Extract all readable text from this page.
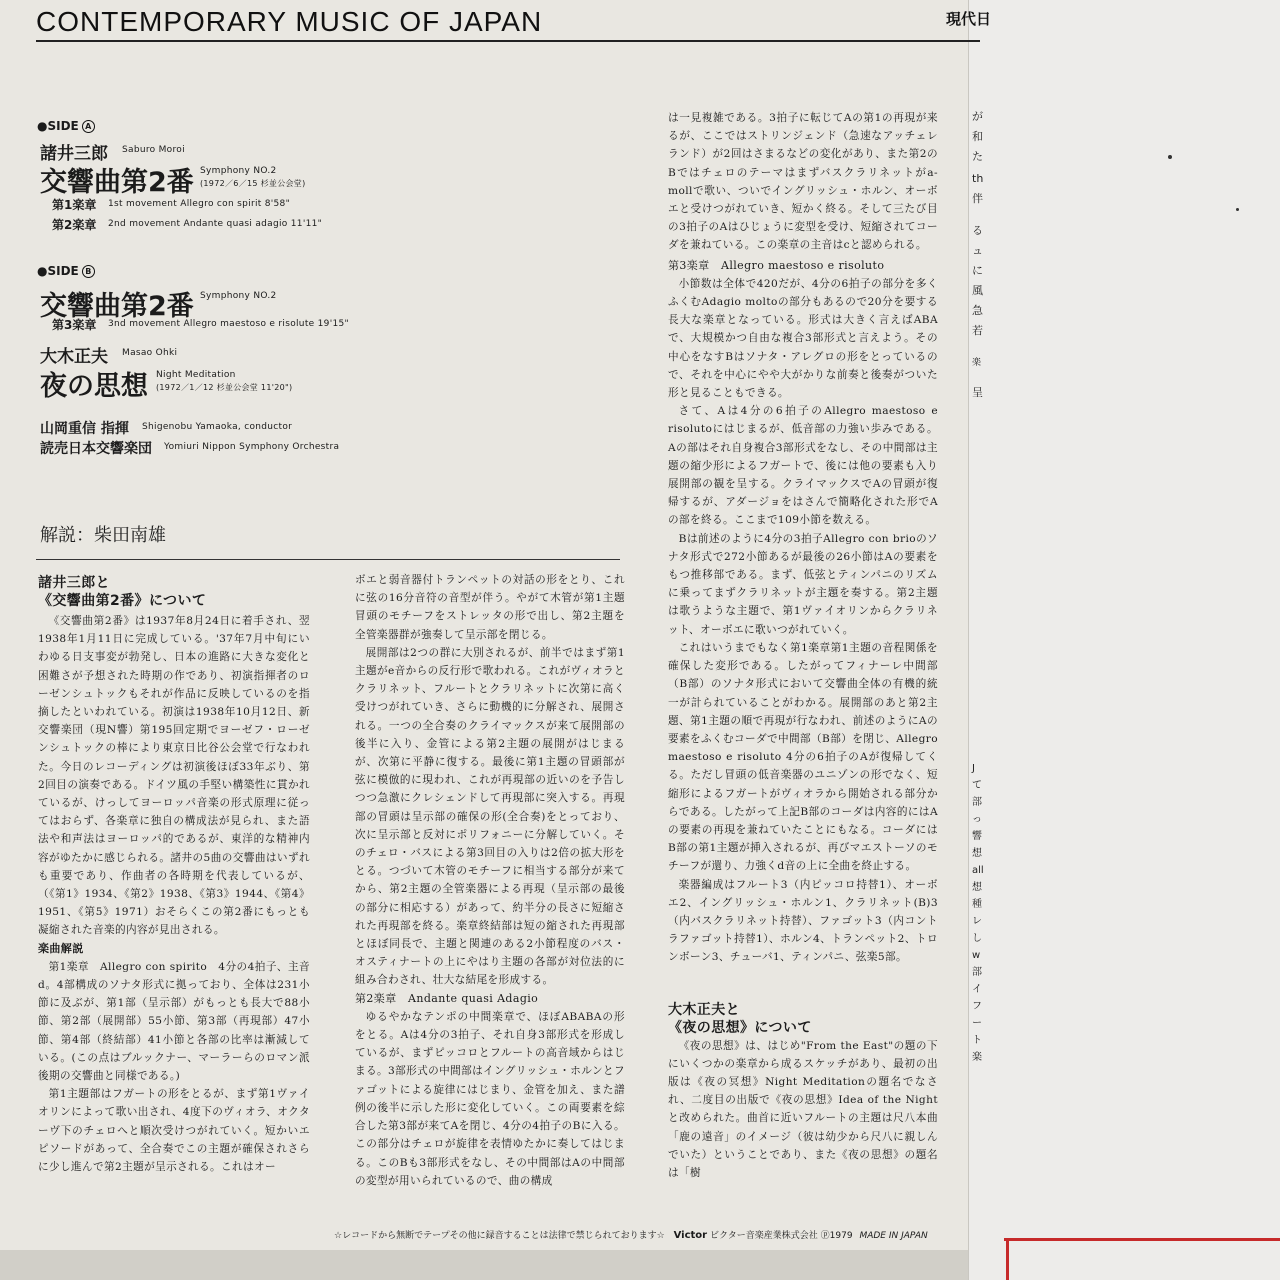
CONTEMPORARY MUSIC OF JAPAN	現代日
●SIDE A
諸井三郎 Saburo Moroi
交響曲第2番 Symphony NO.2
(1972／6／15 杉並公会堂)
第1楽章 1st movement Allegro con spirit 8'58"
第2楽章 2nd movement Andante quasi adagio 11'11"
●SIDE B
交響曲第2番 Symphony NO.2
第3楽章 3nd movement Allegro maestoso e risolute 19'15"
大木正夫 Masao Ohki
夜の思想 Night Meditation
(1972／1／12 杉並公会堂 11'20")
山岡重信 指揮 Shigenobu Yamaoka, conductor
読売日本交響楽団 Yomiuri Nippon Symphony Orchestra
解説：柴田南雄

諸井三郎と

《交響曲第2番》について

《交響曲第2番》は1937年8月24日に着手され、翌1938年1月11日に完成している。'37年7月中旬にいわゆる日支事変が勃発し、日本の進路に大きな変化と困難さが予想された時期の作であり、初演指揮者のローゼンシュトックもそれが作品に反映しているのを指摘したといわれている。初演は1938年10月12日、新交響楽団（現N響）第195回定期でヨーゼフ・ローゼンシュトックの棒により東京日比谷公会堂で行なわれた。今日のレコーディングは初演後ほぼ33年ぶり、第2回目の演奏である。ドイツ風の手堅い構築性に貫かれているが、けっしてヨーロッパ音楽の形式原理に従ってはおらず、各楽章に独自の構成法が見られ、また語法や和声法はヨーロッパ的であるが、東洋的な精神内容がゆたかに感じられる。諸井の5曲の交響曲はいずれも重要であり、作曲者の各時期を代表しているが、（《第1》1934、《第2》1938、《第3》1944、《第4》1951、《第5》1971）おそらくこの第2番にもっとも凝縮された音楽的内容が見出される。

楽曲解説

第1楽章　Allegro con spirito　4分の4拍子、主音d。4部構成のソナタ形式に拠っており、全体は231小節に及ぶが、第1部（呈示部）がもっとも長大で88小節、第2部（展開部）55小節、第3部（再現部）47小節、第4部（終結部）41小節と各部の比率は漸減している。(この点はブルックナー、マーラーらのロマン派後期の交響曲と同様である。)

第1主題部はフガートの形をとるが、まず第1ヴァイオリンによって歌い出され、4度下のヴィオラ、オクターヴ下のチェロへと順次受けつがれていく。短かいエピソードがあって、全合奏でこの主題が確保されさらに少し進んで第2主題が呈示される。これはオー

ボエと弱音器付トランペットの対話の形をとり、これに弦の16分音符の音型が伴う。やがて木管が第1主題冒頭のモチーフをストレッタの形で出し、第2主題を全管楽器群が強奏して呈示部を閉じる。

展開部は2つの群に大別されるが、前半ではまず第1主題がe音からの反行形で歌われる。これがヴィオラとクラリネット、フルートとクラリネットに次第に高く受けつがれていき、さらに動機的に分解され、展開される。一つの全合奏のクライマックスが来て展開部の後半に入り、金管による第2主題の展開がはじまるが、次第に平静に復する。最後に第1主題の冒頭部が弦に模倣的に現われ、これが再現部の近いのを予告しつつ急激にクレシェンドして再現部に突入する。再現部の冒頭は呈示部の確保の形(全合奏)をとっており、次に呈示部と反対にポリフォニーに分解していく。そのチェロ・バスによる第3回目の入りは2倍の拡大形をとる。つづいて木管のモチーフに相当する部分が来てから、第2主題の全管楽器による再現（呈示部の最後の部分に相応する）があって、約半分の長さに短縮された再現部を終る。楽章終結部は短の縮された再現部とほぼ同長で、主題と関連のある2小節程度のバス・オスティナートの上にやはり主題の各部が対位法的に組み合わされ、壮大な結尾を形成する。

第2楽章　Andante quasi Adagio

ゆるやかなテンポの中間楽章で、ほぼABABAの形をとる。Aは4分の3拍子、それ自身3部形式を形成しているが、まずピッコロとフルートの高音域からはじまる。3部形式の中間部はイングリッシュ・ホルンとファゴットによる旋律にはじまり、金管を加え、また譜例の後半に示した形に変化していく。この両要素を綜合した第3部が来てAを閉じ、4分の4拍子のBに入る。この部分はチェロが旋律を表情ゆたかに奏してはじまる。このBも3部形式をなし、その中間部はAの中間部の変型が用いられているので、曲の構成

は一見複雑である。3拍子に転じてAの第1の再現が来るが、ここではストリンジェンド（急速なアッチェレランド）が2回はさまるなどの変化があり、また第2のBではチェロのテーマはまずバスクラリネットがa-mollで歌い、ついでイングリッシュ・ホルン、オーボエと受けつがれていき、短かく終る。そして三たび目の3拍子のAはひじょうに変型を受け、短縮されてコーダを兼ねている。この楽章の主音はcと認められる。

第3楽章　Allegro maestoso e risoluto

小節数は全体で420だが、4分の6拍子の部分を多くふくむAdagio moltoの部分もあるので20分を要する長大な楽章となっている。形式は大きく言えばABAで、大規模かつ自由な複合3部形式と言えよう。その中心をなすBはソナタ・アレグロの形をとっているので、それを中心にやや大がかりな前奏と後奏がついた形と見ることもできる。

さて、Aは4分の6拍子のAllegro maestoso e risolutoにはじまるが、低音部の力強い歩みである。Aの部はそれ自身複合3部形式をなし、その中間部は主題の縮少形によるフガートで、後には他の要素も入り展開部の観を呈する。クライマックスでAの冒頭が復帰するが、アダージョをはさんで簡略化された形でAの部を終る。ここまで109小節を数える。

Bは前述のように4分の3拍子Allegro con brioのソナタ形式で272小節あるが最後の26小節はAの要素をもつ推移部である。まず、低弦とティンパニのリズムに乗ってまずクラリネットが主題を奏する。第2主題は歌うような主題で、第1ヴァイオリンからクラリネット、オーボエに歌いつがれていく。

これはいうまでもなく第1楽章第1主題の音程関係を確保した変形である。したがってフィナーレ中間部（B部）のソナタ形式において交響曲全体の有機的統一が計られていることがわかる。展開部のあと第2主題、第1主題の順で再現が行なわれ、前述のようにAの要素をふくむコーダで中間部（B部）を閉じ、Allegro maestoso e risoluto 4分の6拍子のAが復帰してくる。ただし冒頭の低音楽器のユニゾンの形でなく、短縮形によるフガートがヴィオラから開始される部分からである。したがって上記B部のコーダは内容的にはAの要素の再現を兼ねていたことにもなる。コーダにはB部の第1主題が挿入されるが、再びマエストーソのモチーフが還り、力強くd音の上に全曲を終止する。

楽器編成はフルート3（内ピッコロ持替1）、オーボエ2、イングリッシュ・ホルン1、クラリネット(B)3（内バスクラリネット持替）、ファゴット3（内コントラファゴット持替1）、ホルン4、トランペット2、トロンボーン3、チューバ1、ティンパニ、弦楽5部。

大木正夫と

《夜の思想》について

《夜の思想》は、はじめ"From the East"の題の下にいくつかの楽章から成るスケッチがあり、最初の出版は《夜の冥想》Night Meditationの題名でなされ、二度目の出版で《夜の思想》Idea of the Nightと改められた。曲首に近いフルートの主題は尺八本曲「鹿の遠音」のイメージ（彼は幼少から尺八に親しんでいた）ということであり、また《夜の思想》の題名は「樹

が
和
た
th
伴
る
ュ
に
風
急
若
楽
呈
J
て
部
っ
響
想
all
想
種
レ
し
w
部
イ
フ
ー
ト
楽
☆レコードから無断でテープその他に録音することは法律で禁じられております☆ Victor ビクター音楽産業株式会社 ⓟ1979 MADE IN JAPAN
